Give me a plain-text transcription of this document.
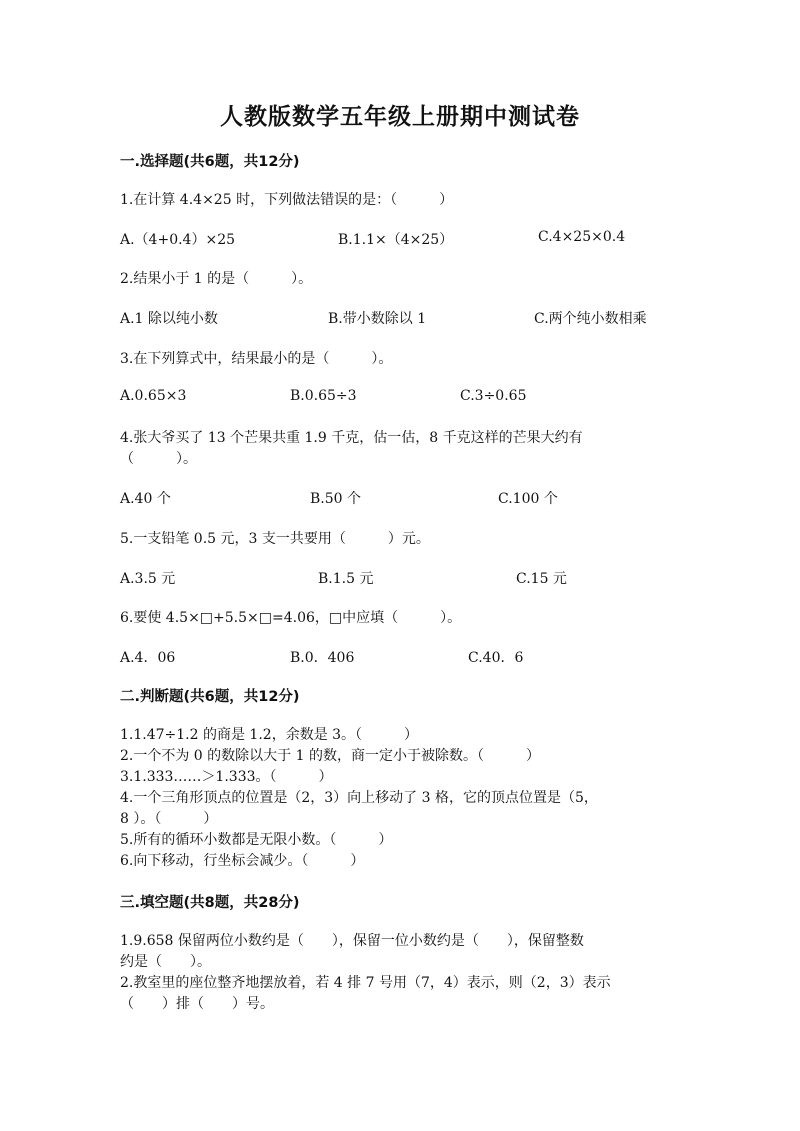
人教版数学五年级上册期中测试卷
一.选择题(共6题，共12分)
1.在计算 4.4×25 时，下列做法错误的是：（　　　）
A.（4+0.4）×25	B.1.1×（4×25）	C.4×25×0.4
2.结果小于 1 的是（　　　）。
A.1 除以纯小数	B.带小数除以 1	C.两个纯小数相乘
3.在下列算式中，结果最小的是（　　　）。
A.0.65×3	B.0.65÷3	C.3÷0.65
4.张大爷买了 13 个芒果共重 1.9 千克，估一估，8 千克这样的芒果大约有
（　　　）。
A.40 个	B.50 个	C.100 个
5.一支铅笔 0.5 元，3 支一共要用（　　　）元。
A.3.5 元	B.1.5 元	C.15 元
6.要使 4.5×□+5.5×□=4.06，□中应填（　　　）。
A.4．06	B.0．406	C.40．6
二.判断题(共6题，共12分)
1.1.47÷1.2 的商是 1.2，余数是 3。（　　　）
2.一个不为 0 的数除以大于 1 的数，商一定小于被除数。（　　　）
3.1.333……＞1.333。（　　　）
4.一个三角形顶点的位置是（2，3）向上移动了 3 格，它的顶点位置是（5，
8 ）。（　　　）
5.所有的循环小数都是无限小数。（　　　）
6.向下移动，行坐标会减少。（　　　）
三.填空题(共8题，共28分)
1.9.658 保留两位小数约是（　　），保留一位小数约是（　　），保留整数
约是（　　）。
2.教室里的座位整齐地摆放着，若 4 排 7 号用（7，4）表示，则（2，3）表示
（　　）排（　　）号。
